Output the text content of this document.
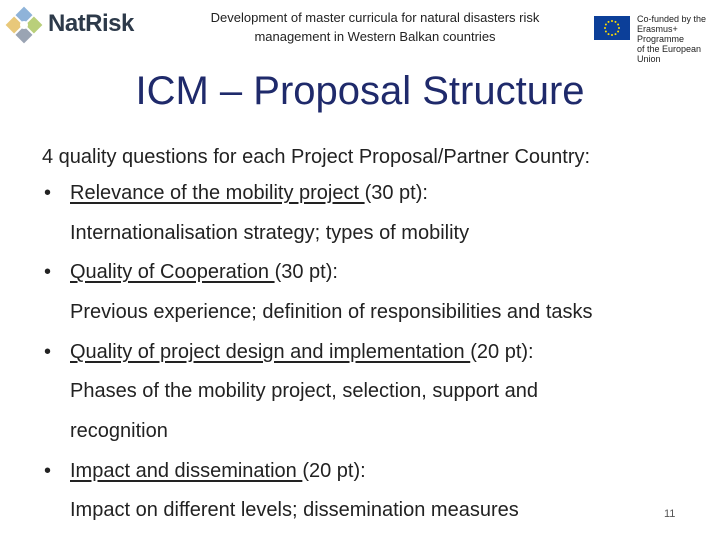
NatRisk	Development of master curricula for natural disasters risk
management in Western Balkan countries
Co-funded by the
Erasmus+ Programme
of the European Union
ICM – Proposal Structure
4 quality questions for each Project Proposal/Partner Country:
• Relevance of the mobility project (30 pt):
Internationalisation strategy; types of mobility
• Quality of Cooperation (30 pt):
Previous experience; definition of responsibilities and tasks
• Quality of project design and implementation (20 pt):
Phases of the mobility project, selection, support and
recognition
• Impact and dissemination (20 pt):
Impact on different levels; dissemination measures	11
